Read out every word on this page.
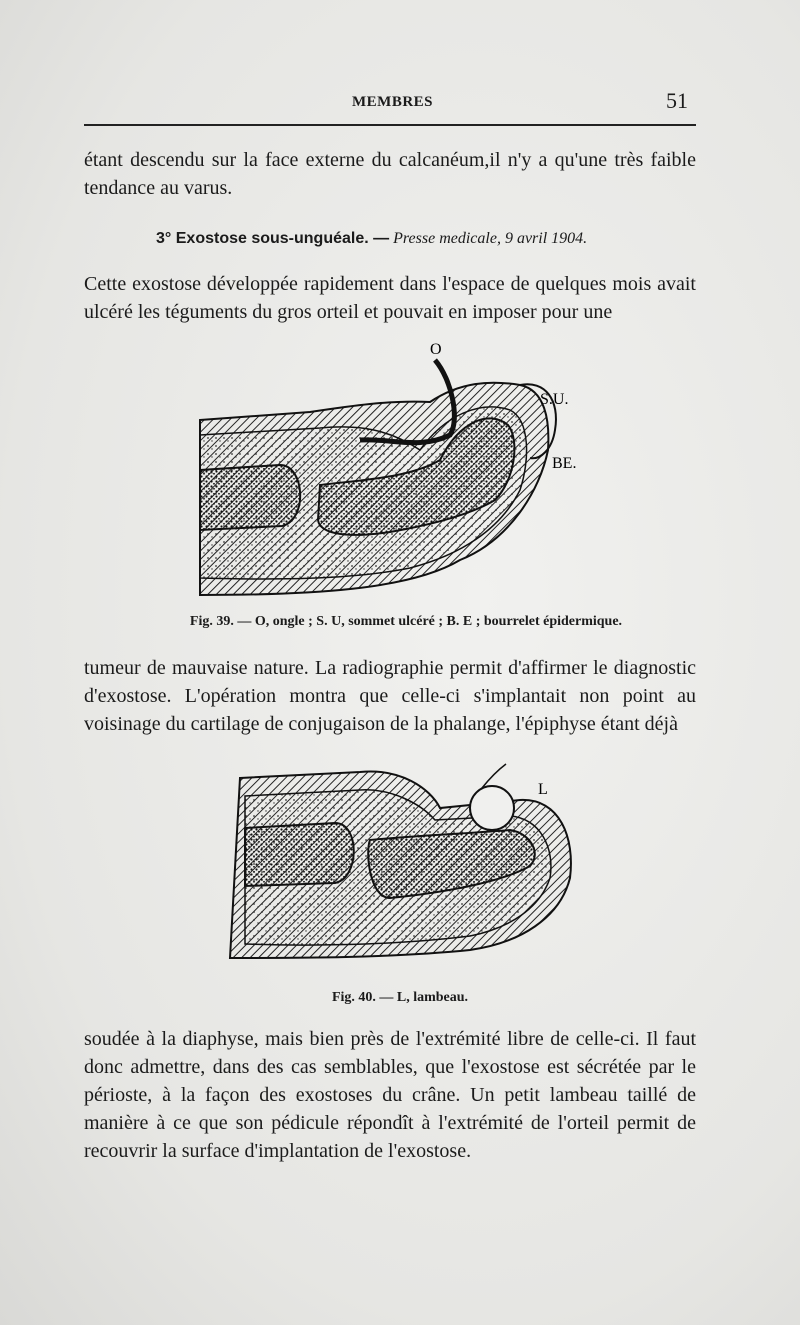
MEMBRES	51
étant descendu sur la face externe du calcanéum,il n'y a qu'une très faible tendance au varus.
3° Exostose sous-unguéale. — Presse medicale, 9 avril 1904.
Cette exostose développée rapidement dans l'espace de quelques mois avait ulcéré les téguments du gros orteil et pouvait en imposer pour une
O
S.U.
BE.
Fig. 39. — O, ongle ; S. U, sommet ulcéré ; B. E ; bourrelet épidermique.
tumeur de mauvaise nature. La radiographie permit d'affirmer le diagnostic d'exostose. L'opération montra que celle-ci s'implantait non point au voisinage du cartilage de conjugaison de la phalange, l'épiphyse étant déjà
L
Fig. 40. — L, lambeau.
soudée à la diaphyse, mais bien près de l'extrémité libre de celle-ci. Il faut donc admettre, dans des cas semblables, que l'exostose est sécrétée par le périoste, à la façon des exostoses du crâne. Un petit lambeau taillé de manière à ce que son pédicule répondît à l'extrémité de l'orteil permit de recouvrir la surface d'implantation de l'exostose.
